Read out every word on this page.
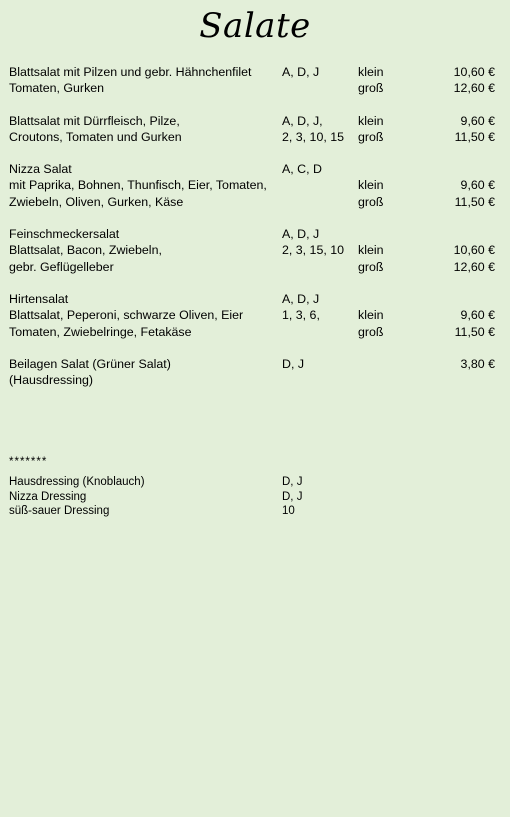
Salate
Blattsalat mit Pilzen und gebr. Hähnchenfilet A, D, J	klein	10,60 €
Tomaten, Gurken	groß	12,60 €
Blattsalat mit Dürrfleisch, Pilze,	A, D, J,	klein	9,60 €
Croutons, Tomaten und Gurken	2, 3, 10, 15 groß	11,50 €
Nizza Salat	A, C, D
mit Paprika, Bohnen, Thunfisch, Eier, Tomaten,	klein	9,60 €
Zwiebeln, Oliven, Gurken, Käse	groß	11,50 €
Feinschmeckersalat	A, D, J
Blattsalat, Bacon, Zwiebeln,	2, 3, 15, 10 klein	10,60 €
gebr. Geflügelleber	groß	12,60 €
Hirtensalat	A, D, J
Blattsalat, Peperoni, schwarze Oliven, Eier	1, 3, 6,	klein	9,60 €
Tomaten, Zwiebelringe, Fetakäse	groß	11,50 €
Beilagen Salat (Grüner Salat)	D, J	3,80 €
(Hausdressing)
*******
Hausdressing (Knoblauch)	D, J
Nizza Dressing	D, J
süß-sauer Dressing	10
